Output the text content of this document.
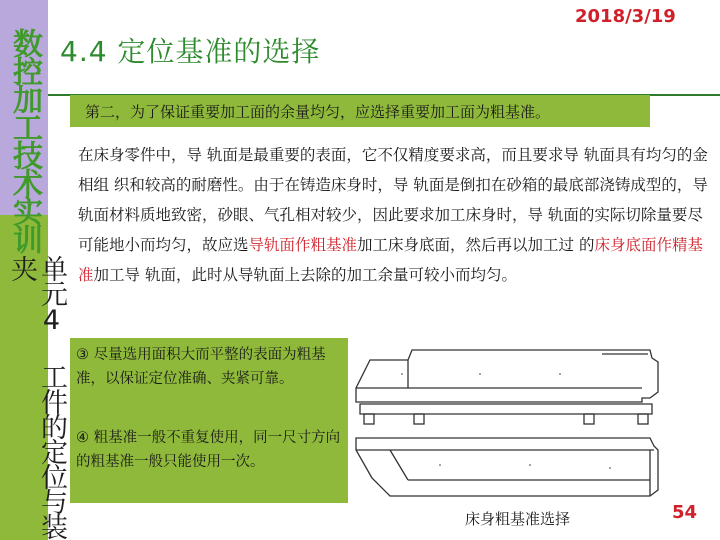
数控加工技术实训
单元4 工件的定位与装夹
2018/3/19
4.4 定位基准的选择
第二，为了保证重要加工面的余量均匀，应选择重要加工面为粗基准。

在床身零件中，导 轨面是最重要的表面，它不仅精度要求高，而且要求导 轨面具有均匀的金相组 织和较高的耐磨性。由于在铸造床身时，导 轨面是倒扣在砂箱的最底部浇铸成型的，导 轨面材料质地致密，砂眼、气孔相对较少，因此要求加工床身时，导 轨面的实际切除量要尽可能地小而均匀，故应选导轨面作粗基准加工床身底面，然后再以加工过 的床身底面作精基准加工导 轨面，此时从导轨面上去除的加工余量可较小而均匀。

③ 尽量选用面积大而平整的表面为粗基准，以保证定位准确、夹紧可靠。

④ 粗基准一般不重复使用，同一尺寸方向的粗基准一般只能使用一次。

床身粗基准选择	54
